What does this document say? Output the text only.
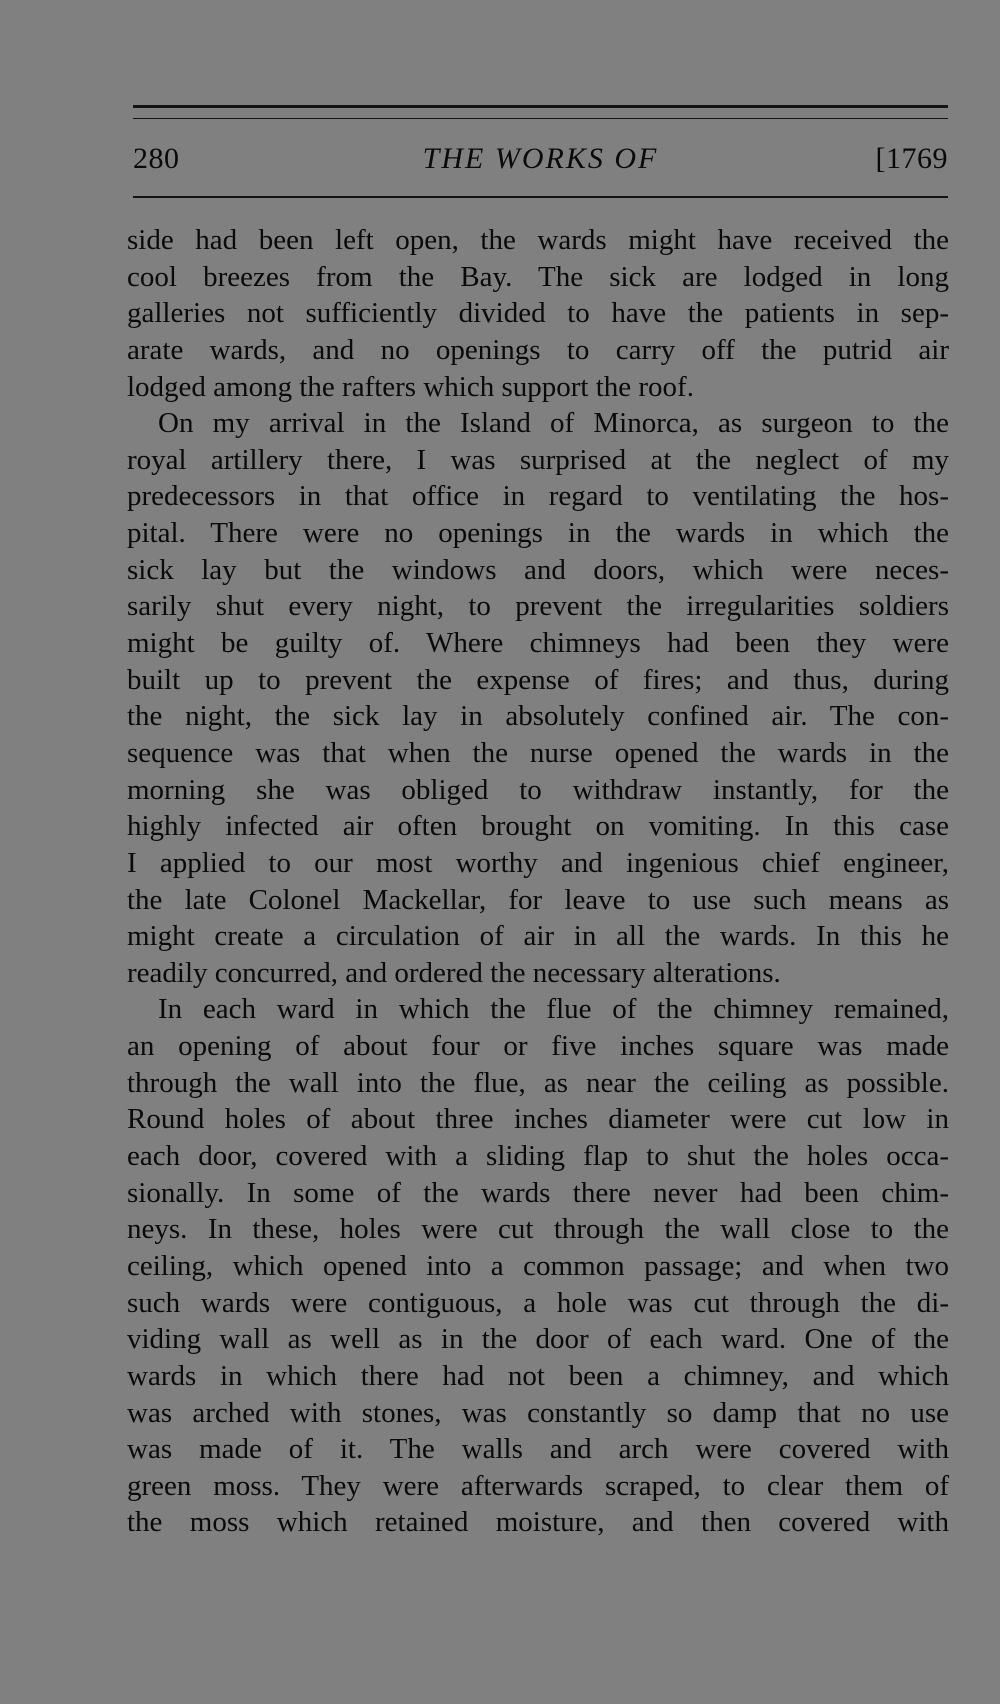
280	THE WORKS OF	[1769
side had been left open, the wards might have received the
cool breezes from the Bay. The sick are lodged in long
galleries not sufficiently divided to have the patients in sep-
arate wards, and no openings to carry off the putrid air
lodged among the rafters which support the roof.
On my arrival in the Island of Minorca, as surgeon to the
royal artillery there, I was surprised at the neglect of my
predecessors in that office in regard to ventilating the hos-
pital. There were no openings in the wards in which the
sick lay but the windows and doors, which were neces-
sarily shut every night, to prevent the irregularities soldiers
might be guilty of. Where chimneys had been they were
built up to prevent the expense of fires; and thus, during
the night, the sick lay in absolutely confined air. The con-
sequence was that when the nurse opened the wards in the
morning she was obliged to withdraw instantly, for the
highly infected air often brought on vomiting. In this case
I applied to our most worthy and ingenious chief engineer,
the late Colonel Mackellar, for leave to use such means as
might create a circulation of air in all the wards. In this he
readily concurred, and ordered the necessary alterations.
In each ward in which the flue of the chimney remained,
an opening of about four or five inches square was made
through the wall into the flue, as near the ceiling as possible.
Round holes of about three inches diameter were cut low in
each door, covered with a sliding flap to shut the holes occa-
sionally. In some of the wards there never had been chim-
neys. In these, holes were cut through the wall close to the
ceiling, which opened into a common passage; and when two
such wards were contiguous, a hole was cut through the di-
viding wall as well as in the door of each ward. One of the
wards in which there had not been a chimney, and which
was arched with stones, was constantly so damp that no use
was made of it. The walls and arch were covered with
green moss. They were afterwards scraped, to clear them of
the moss which retained moisture, and then covered with
